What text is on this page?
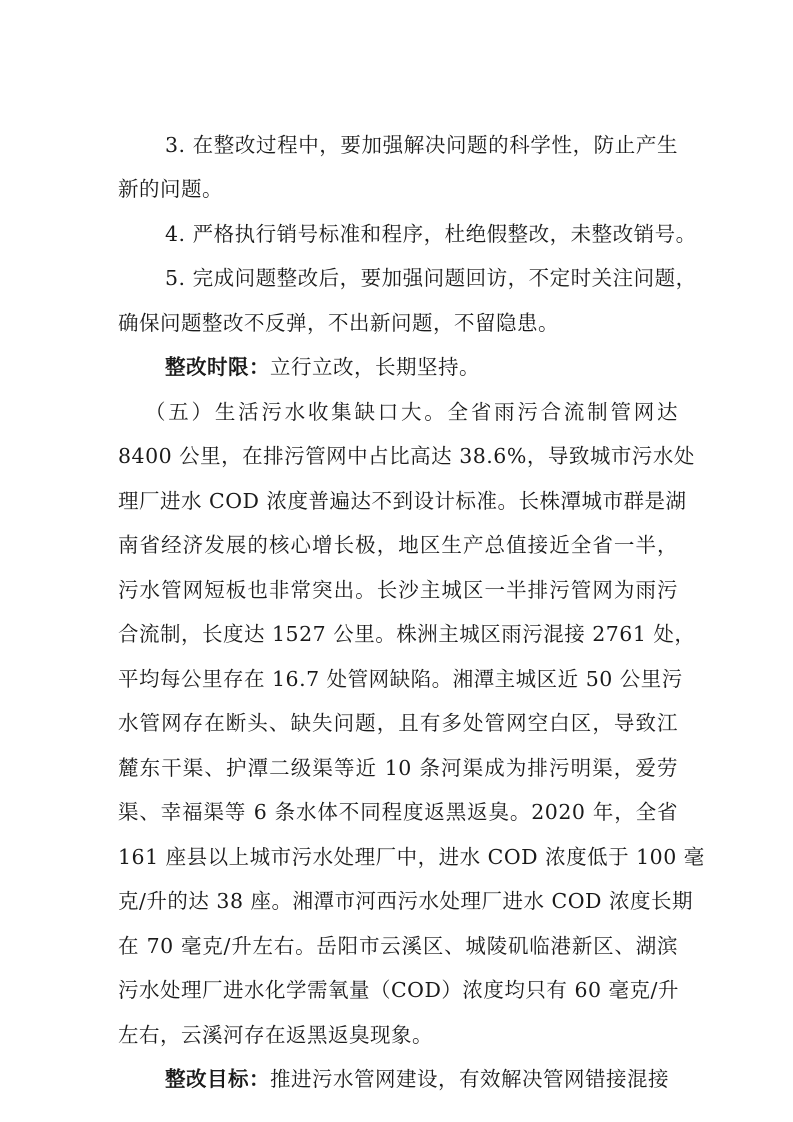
3. 在整改过程中，要加强解决问题的科学性，防止产生
新的问题。
4. 严格执行销号标准和程序，杜绝假整改，未整改销号。
5. 完成问题整改后，要加强问题回访，不定时关注问题，
确保问题整改不反弹，不出新问题，不留隐患。
整改时限：立行立改，长期坚持。
（五）生活污水收集缺口大。全省雨污合流制管网达
8400 公里，在排污管网中占比高达 38.6%，导致城市污水处
理厂进水 COD 浓度普遍达不到设计标准。长株潭城市群是湖
南省经济发展的核心增长极，地区生产总值接近全省一半，
污水管网短板也非常突出。长沙主城区一半排污管网为雨污
合流制，长度达 1527 公里。株洲主城区雨污混接 2761 处，
平均每公里存在 16.7 处管网缺陷。湘潭主城区近 50 公里污
水管网存在断头、缺失问题，且有多处管网空白区，导致江
麓东干渠、护潭二级渠等近 10 条河渠成为排污明渠，爱劳
渠、幸福渠等 6 条水体不同程度返黑返臭。2020 年，全省
161 座县以上城市污水处理厂中，进水 COD 浓度低于 100 毫
克/升的达 38 座。湘潭市河西污水处理厂进水 COD 浓度长期
在 70 毫克/升左右。岳阳市云溪区、城陵矶临港新区、湖滨
污水处理厂进水化学需氧量（COD）浓度均只有 60 毫克/升
左右，云溪河存在返黑返臭现象。
整改目标：推进污水管网建设，有效解决管网错接混接
